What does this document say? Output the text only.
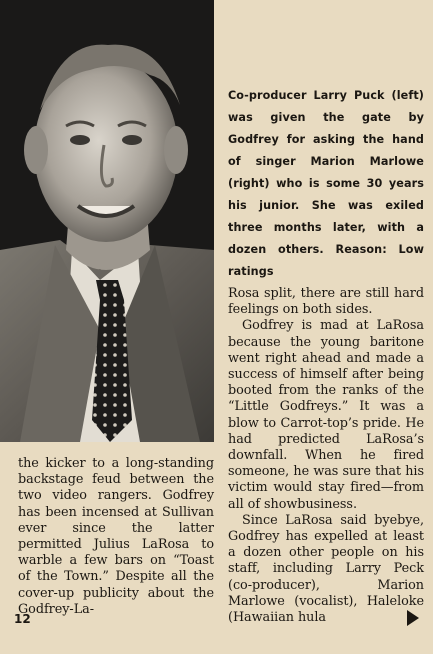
Co-producer Larry Puck (left) was given the gate by Godfrey for asking the hand of singer Marion Marlowe (right) who is some 30 years his junior. She was exiled three months later, with a dozen others. Reason: Low ratings

Rosa split, there are still hard feelings on both sides.

Godfrey is mad at LaRosa because the young baritone went right ahead and made a success of himself after being booted from the ranks of the “Little Godfreys.” It was a blow to Carrot-top’s pride. He had predicted LaRosa’s downfall. When he fired someone, he was sure that his victim would stay fired—from all of showbusiness.

Since LaRosa said byebye, Godfrey has expelled at least a dozen other people on his staff, including Larry Peck (co-producer), Marion Marlowe (vocalist), Haleloke (Hawaiian hula

the kicker to a long-standing backstage feud between the two video rangers. Godfrey has been incensed at Sullivan ever since the latter permitted Julius LaRosa to warble a few bars on “Toast of the Town.” Despite all the cover-up publicity about the Godfrey-La-

12
